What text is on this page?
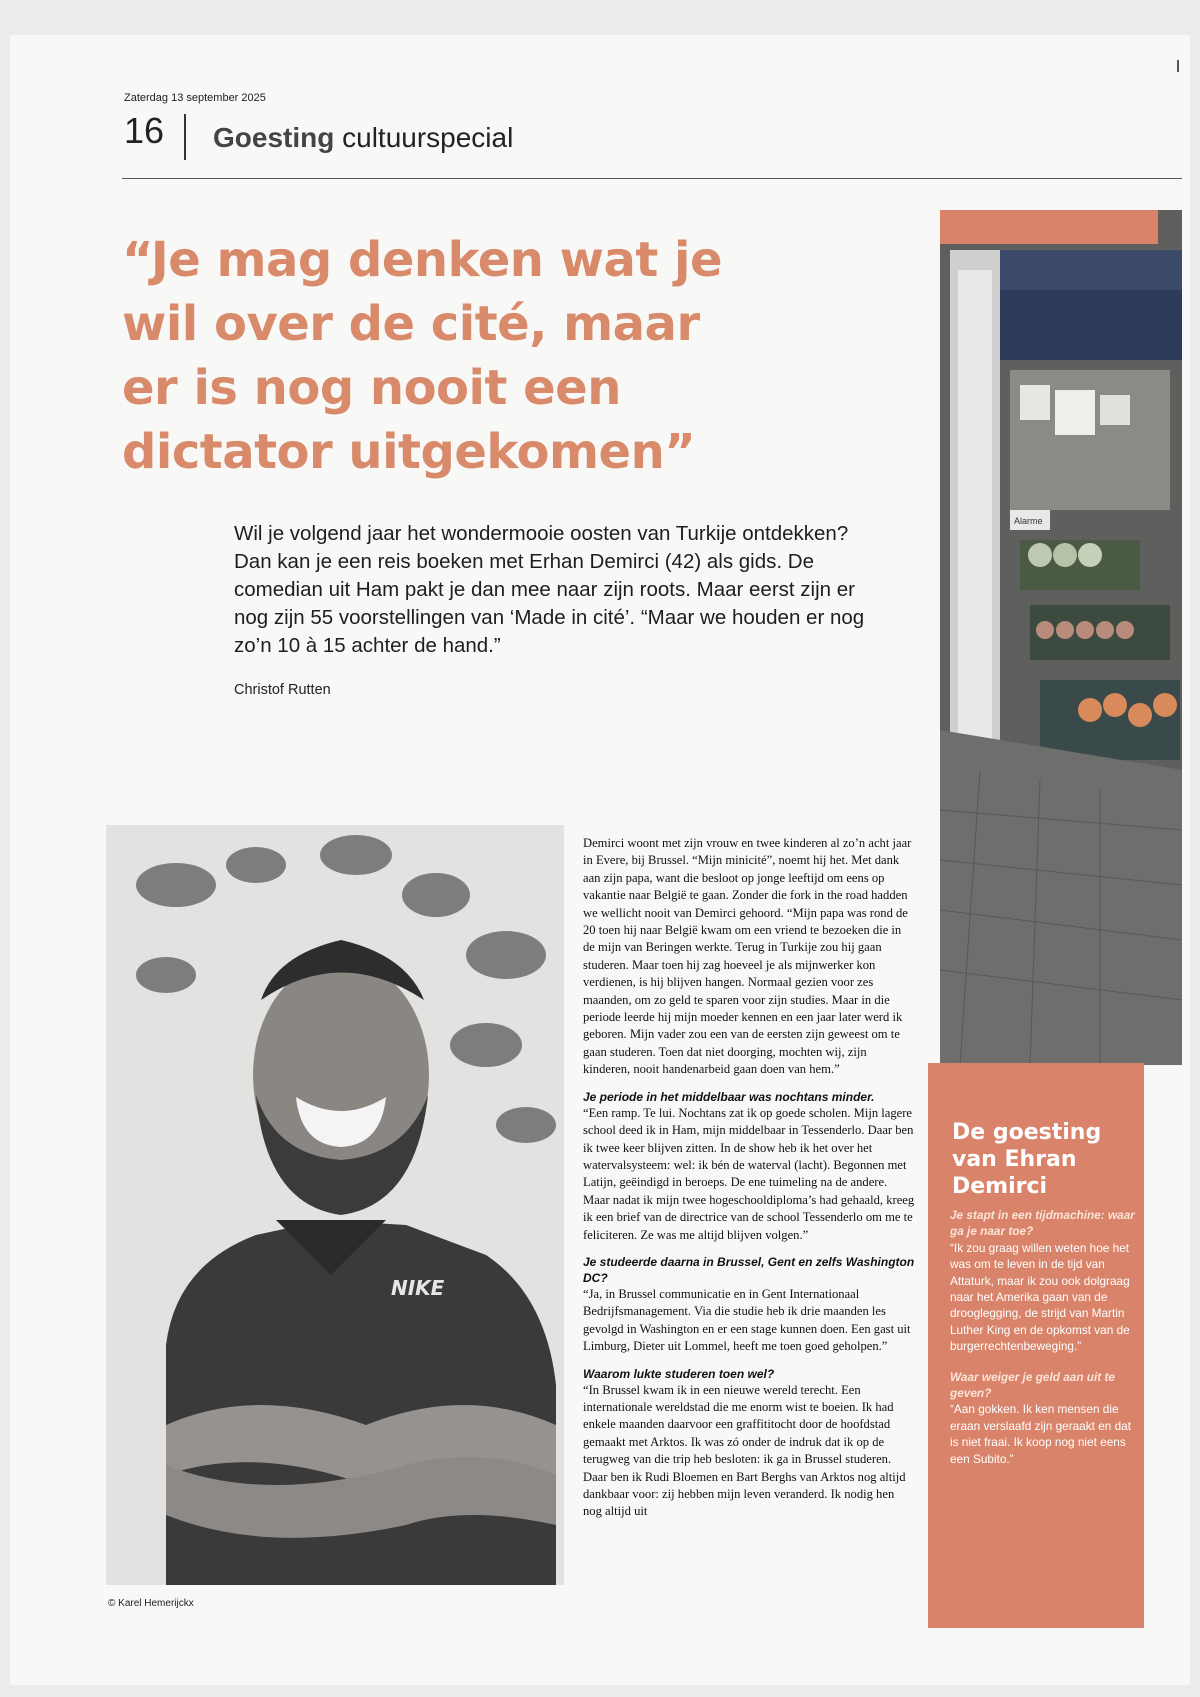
Zaterdag 13 september 2025
16 Goesting cultuurspecial
“Je mag denken wat je
wil over de cité, maar
er is nog nooit een
dictator uitgekomen”
Wil je volgend jaar het wondermooie oosten van Turkije ontdekken? Dan kan je een reis boeken met Erhan Demirci (42) als gids. De comedian uit Ham pakt je dan mee naar zijn roots. Maar eerst zijn er nog zijn 55 voorstellingen van ‘Made in cité’. “Maar we houden er nog zo’n 10 à 15 achter de hand.”
Christof Rutten
Alarme
NIKE
© Karel Hemerijckx

Demirci woont met zijn vrouw en twee kinderen al zo’n acht jaar in Evere, bij Brussel. “Mijn minicité”, noemt hij het. Met dank aan zijn papa, want die besloot op jonge leeftijd om eens op vakantie naar België te gaan. Zonder die fork in the road hadden we wellicht nooit van Demirci gehoord. “Mijn papa was rond de 20 toen hij naar België kwam om een vriend te bezoeken die in de mijn van Beringen werkte. Terug in Turkije zou hij gaan studeren. Maar toen hij zag hoeveel je als mijnwerker kon verdienen, is hij blijven hangen. Normaal gezien voor zes maanden, om zo geld te sparen voor zijn studies. Maar in die periode leerde hij mijn moeder kennen en een jaar later werd ik geboren. Mijn vader zou een van de eersten zijn geweest om te gaan studeren. Toen dat niet doorging, mochten wij, zijn kinderen, nooit handenarbeid gaan doen van hem.”

Je periode in het middelbaar was nochtans minder.
“Een ramp. Te lui. Nochtans zat ik op goede scholen. Mijn lagere school deed ik in Ham, mijn middelbaar in Tessenderlo. Daar ben ik twee keer blijven zitten. In de show heb ik het over het watervalsysteem: wel: ik bén de waterval (lacht). Begonnen met Latijn, geëindigd in beroeps. De ene tuimeling na de andere. Maar nadat ik mijn twee hogeschooldiploma’s had gehaald, kreeg ik een brief van de directrice van de school Tessenderlo om me te feliciteren. Ze was me altijd blijven volgen.”

Je studeerde daarna in Brussel, Gent en zelfs Washington DC?
“Ja, in Brussel communicatie en in Gent Internationaal Bedrijfsmanagement. Via die studie heb ik drie maanden les gevolgd in Washington en er een stage kunnen doen. Een gast uit Limburg, Dieter uit Lommel, heeft me toen goed geholpen.”

Waarom lukte studeren toen wel?
“In Brussel kwam ik in een nieuwe wereld terecht. Een internationale wereldstad die me enorm wist te boeien. Ik had enkele maanden daarvoor een graffititocht door de hoofdstad gemaakt met Arktos. Ik was zó onder de indruk dat ik op de terugweg van die trip heb besloten: ik ga in Brussel studeren. Daar ben ik Rudi Bloemen en Bart Berghs van Arktos nog altijd dankbaar voor: zij hebben mijn leven veranderd. Ik nodig hen nog altijd uit

De goesting van Ehran Demirci

Je stapt in een tijdmachine: waar ga je naar toe?
“Ik zou graag willen weten hoe het was om te leven in de tijd van Attaturk, maar ik zou ook dolgraag naar het Amerika gaan van de drooglegging, de strijd van Martin Luther King en de opkomst van de burgerrechtenbeweging.”

Waar weiger je geld aan uit te geven?
“Aan gokken. Ik ken mensen die eraan verslaafd zijn geraakt en dat is niet fraai. Ik koop nog niet eens een Subito.”
